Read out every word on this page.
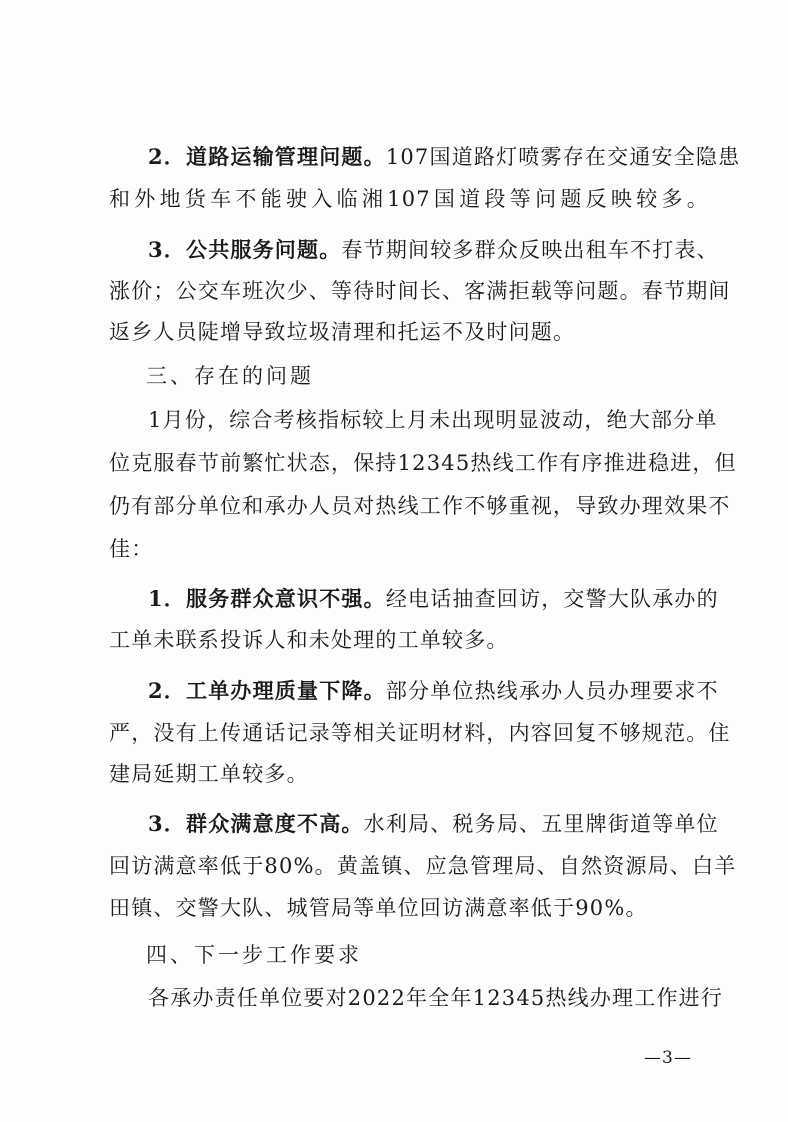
2．道路运输管理问题。107国道路灯喷雾存在交通安全隐患
和外地货车不能驶入临湘107国道段等问题反映较多。
3．公共服务问题。春节期间较多群众反映出租车不打表、
涨价；公交车班次少、等待时间长、客满拒载等问题。春节期间
返乡人员陡增导致垃圾清理和托运不及时问题。
三、存在的问题
1月份，综合考核指标较上月未出现明显波动，绝大部分单
位克服春节前繁忙状态，保持12345热线工作有序推进稳进，但
仍有部分单位和承办人员对热线工作不够重视，导致办理效果不
佳：
1．服务群众意识不强。经电话抽查回访，交警大队承办的
工单未联系投诉人和未处理的工单较多。
2．工单办理质量下降。部分单位热线承办人员办理要求不
严，没有上传通话记录等相关证明材料，内容回复不够规范。住
建局延期工单较多。
3．群众满意度不高。水利局、税务局、五里牌街道等单位
回访满意率低于80%。黄盖镇、应急管理局、自然资源局、白羊
田镇、交警大队、城管局等单位回访满意率低于90%。
四、下一步工作要求
各承办责任单位要对2022年全年12345热线办理工作进行
—3—
